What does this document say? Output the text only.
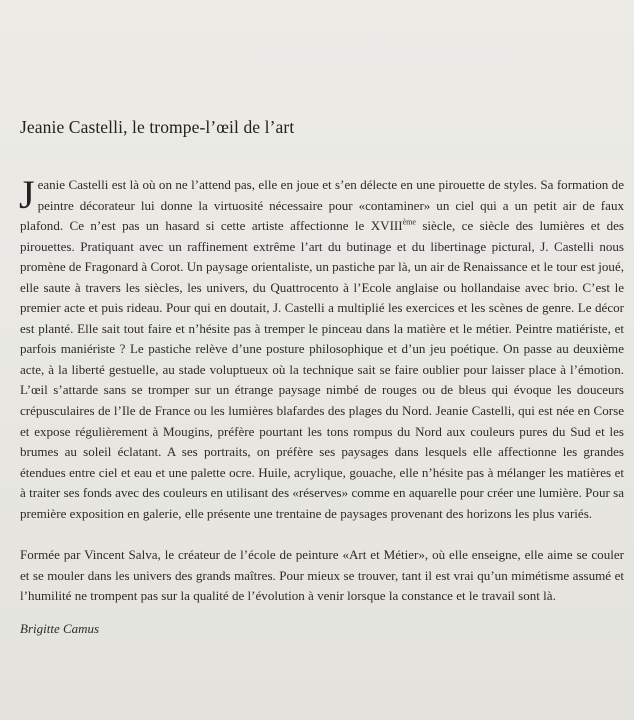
Jeanie Castelli, le trompe-l’œil de l’art

Jeanie Castelli est là où on ne l’attend pas, elle en joue et s’en délecte en une pirouette de styles. Sa formation de peintre décorateur lui donne la virtuosité nécessaire pour «contaminer» un ciel qui a un petit air de faux plafond. Ce n’est pas un hasard si cette artiste affectionne le XVIIIème siècle, ce siècle des lumières et des pirouettes. Pratiquant avec un raffinement extrême l’art du butinage et du libertinage pictural, J. Castelli nous promène de Fragonard à Corot. Un paysage orientaliste, un pastiche par là, un air de Renaissance et le tour est joué, elle saute à travers les siècles, les univers, du Quattrocento à l’Ecole anglaise ou hollandaise avec brio. C’est le premier acte et puis rideau. Pour qui en doutait, J. Castelli a multiplié les exercices et les scènes de genre. Le décor est planté. Elle sait tout faire et n’hésite pas à tremper le pinceau dans la matière et le métier. Peintre matiériste, et parfois maniériste ? Le pastiche relève d’une posture philosophique et d’un jeu poétique. On passe au deuxième acte, à la liberté gestuelle, au stade voluptueux où la technique sait se faire oublier pour laisser place à l’émotion. L’œil s’attarde sans se tromper sur un étrange paysage nimbé de rouges ou de bleus qui évoque les douceurs crépusculaires de l’Ile de France ou les lumières blafardes des plages du Nord. Jeanie Castelli, qui est née en Corse et expose régulièrement à Mougins, préfère pourtant les tons rompus du Nord aux couleurs pures du Sud et les brumes au soleil éclatant. A ses portraits, on préfère ses paysages dans lesquels elle affectionne les grandes étendues entre ciel et eau et une palette ocre. Huile, acrylique, gouache, elle n’hésite pas à mélanger les matières et à traiter ses fonds avec des couleurs en utilisant des «réserves» comme en aquarelle pour créer une lumière. Pour sa première exposition en galerie, elle présente une trentaine de paysages provenant des horizons les plus variés.

Formée par Vincent Salva, le créateur de l’école de peinture «Art et Métier», où elle enseigne, elle aime se couler et se mouler dans les univers des grands maîtres. Pour mieux se trouver, tant il est vrai qu’un mimétisme assumé et l’humilité ne trompent pas sur la qualité de l’évolution à venir lorsque la constance et le travail sont là.
Brigitte Camus
